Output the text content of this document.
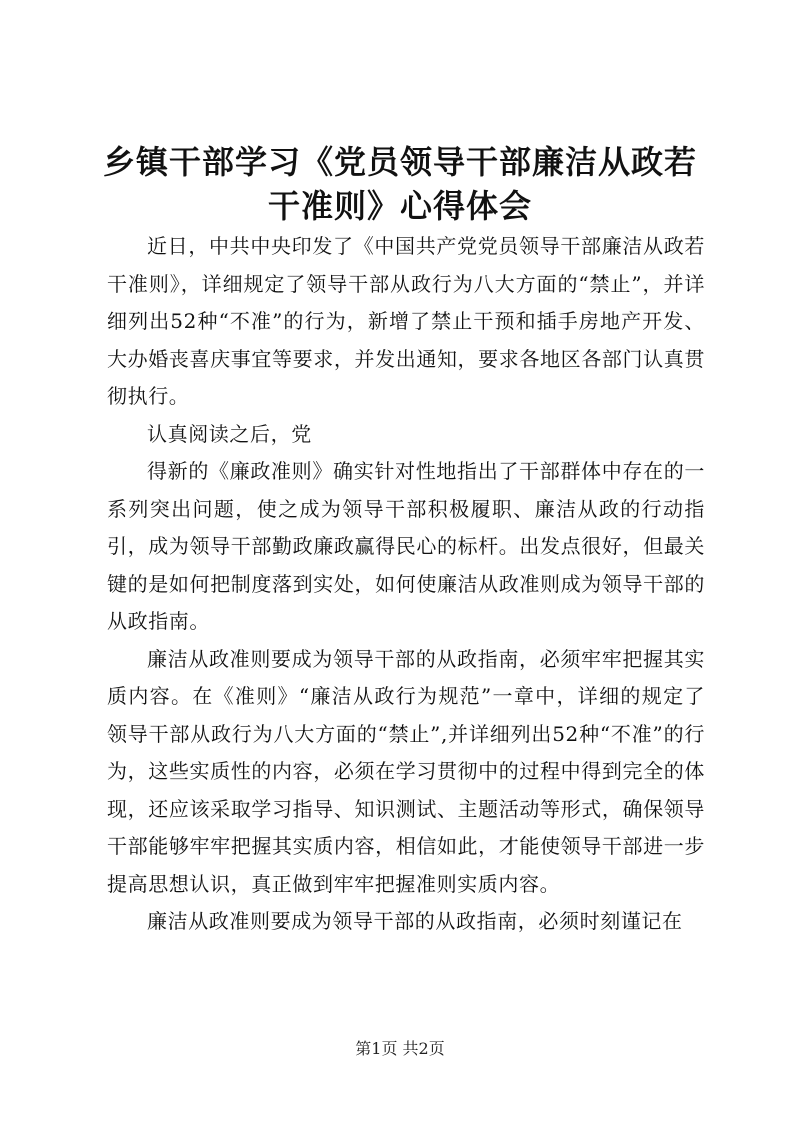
乡镇干部学习《党员领导干部廉洁从政若干准则》心得体会

近日，中共中央印发了《中国共产党党员领导干部廉洁从政若干准则》，详细规定了领导干部从政行为八大方面的“禁止”，并详细列出52种“不准”的行为，新增了禁止干预和插手房地产开发、大办婚丧喜庆事宜等要求，并发出通知，要求各地区各部门认真贯彻执行。

认真阅读之后，党

得新的《廉政准则》确实针对性地指出了干部群体中存在的一系列突出问题，使之成为领导干部积极履职、廉洁从政的行动指引，成为领导干部勤政廉政赢得民心的标杆。出发点很好，但最关键的是如何把制度落到实处，如何使廉洁从政准则成为领导干部的从政指南。

廉洁从政准则要成为领导干部的从政指南，必须牢牢把握其实质内容。在《准则》“廉洁从政行为规范”一章中，详细的规定了领导干部从政行为八大方面的“禁止”,并详细列出52种“不准”的行为，这些实质性的内容，必须在学习贯彻中的过程中得到完全的体现，还应该采取学习指导、知识测试、主题活动等形式，确保领导干部能够牢牢把握其实质内容，相信如此，才能使领导干部进一步提高思想认识，真正做到牢牢把握准则实质内容。

廉洁从政准则要成为领导干部的从政指南，必须时刻谨记在

第1页 共2页
